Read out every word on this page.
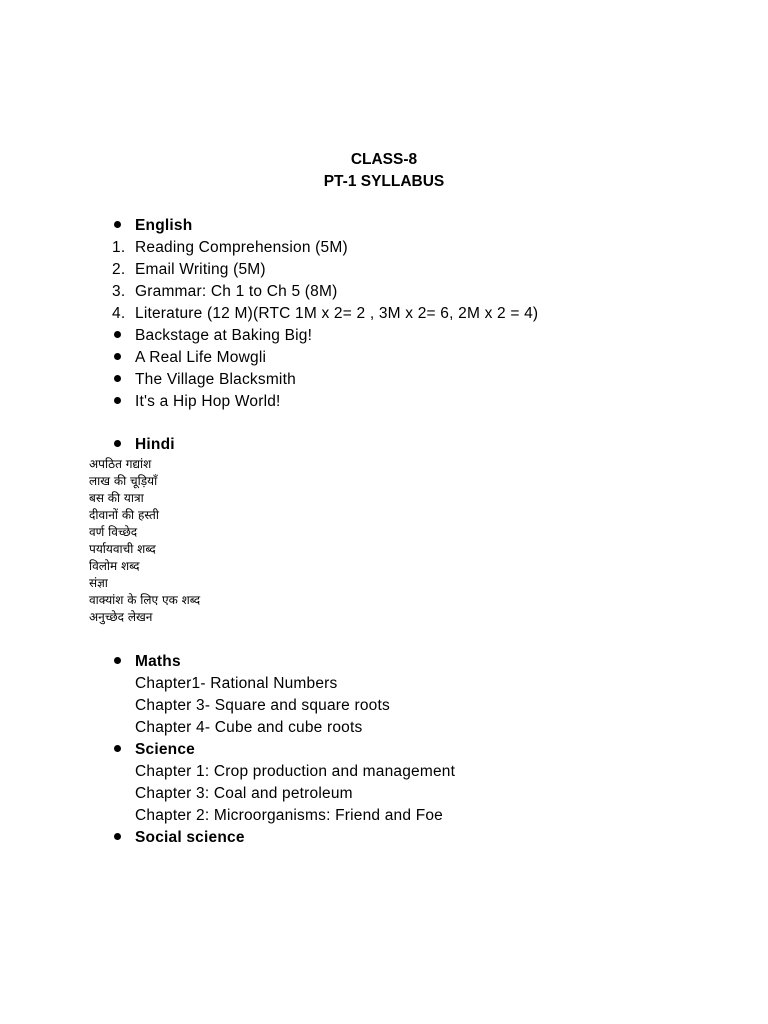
CLASS-8
PT-1 SYLLABUS
English
1. Reading Comprehension (5M)
2. Email Writing (5M)
3. Grammar: Ch 1 to Ch 5 (8M)
4. Literature (12 M)(RTC 1M x 2= 2 , 3M x 2= 6, 2M x 2 = 4)
Backstage at Baking Big!
A Real Life Mowgli
The Village Blacksmith
It's a Hip Hop World!
Hindi
अपठित गद्यांश
लाख की चूड़ियाँ
बस की यात्रा
दीवानों की हस्ती
वर्ण विच्छेद
पर्यायवाची शब्द
विलोम शब्द
संज्ञा
वाक्यांश के लिए एक शब्द
अनुच्छेद लेखन
Maths
Chapter1- Rational Numbers
Chapter 3- Square and square roots
Chapter 4- Cube and cube roots
Science
Chapter 1: Crop production and management
Chapter 3: Coal and petroleum
Chapter 2: Microorganisms: Friend and Foe
Social science
